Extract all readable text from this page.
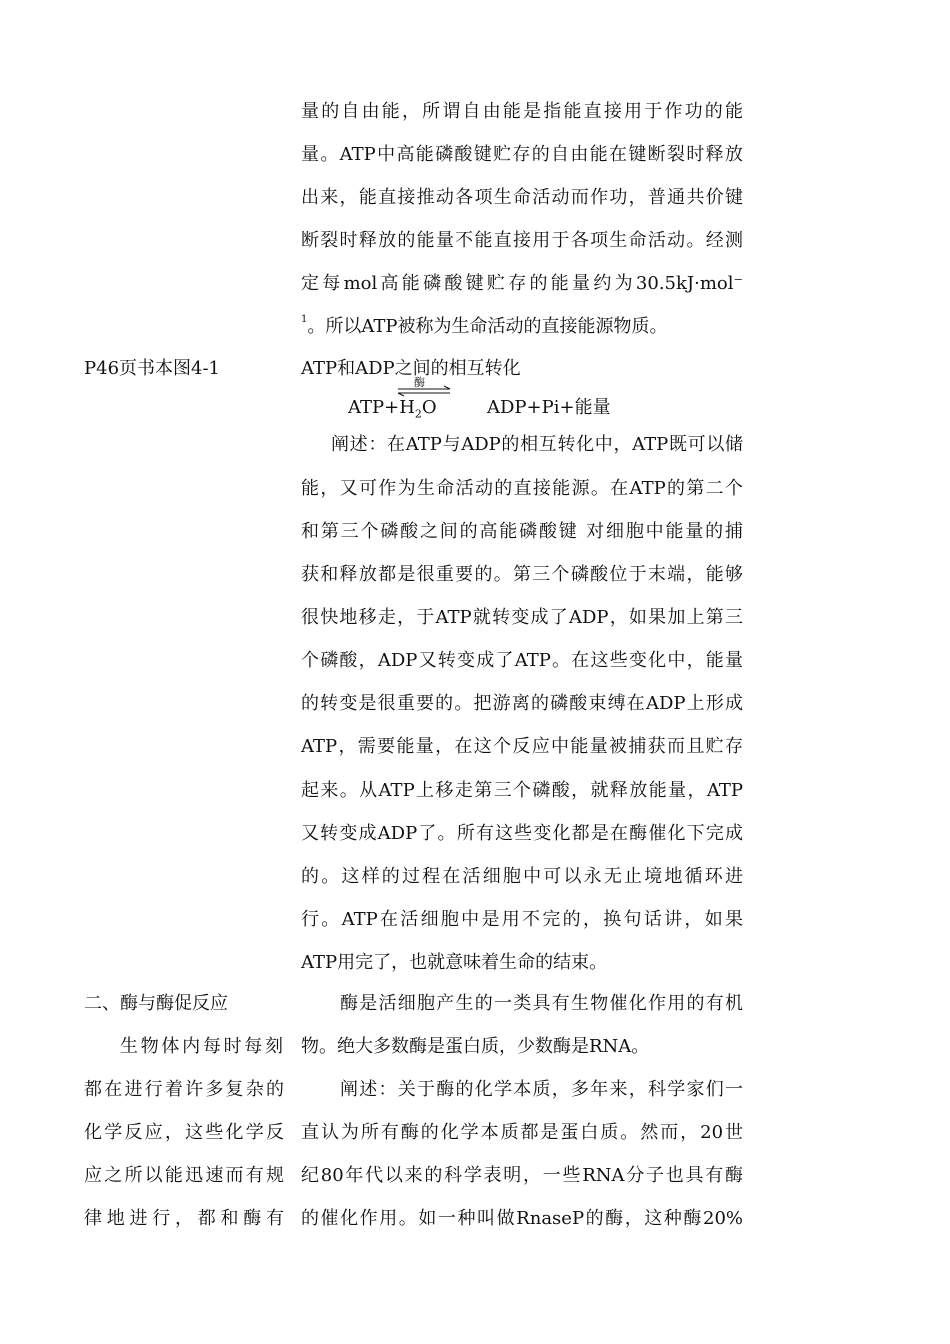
量的自由能，所谓自由能是指能直接用于作功的能
量。ATP中高能磷酸键贮存的自由能在键断裂时释放
出来，能直接推动各项生命活动而作功，普通共价键
断裂时释放的能量不能直接用于各项生命活动。经测
定每mol高能磷酸键贮存的能量约为30.5kJ·mol⁻
$^1$。所以ATP被称为生命活动的直接能源物质。
P46页书本图4-1	ATP和ADP之间的相互转化
$ATP+H_2O$
酶
ADP+Pi+能量
阐述：在ATP与ADP的相互转化中，ATP既可以储
能，又可作为生命活动的直接能源。在ATP的第二个
和第三个磷酸之间的高能磷酸键 对细胞中能量的捕
获和释放都是很重要的。第三个磷酸位于末端，能够
很快地移走，于ATP就转变成了ADP，如果加上第三
个磷酸，ADP又转变成了ATP。在这些变化中，能量
的转变是很重要的。把游离的磷酸束缚在ADP上形成
ATP，需要能量，在这个反应中能量被捕获而且贮存
起来。从ATP上移走第三个磷酸，就释放能量，ATP
又转变成ADP了。所有这些变化都是在酶催化下完成
的。这样的过程在活细胞中可以永无止境地循环进
行。ATP在活细胞中是用不完的，换句话讲，如果
ATP用完了，也就意味着生命的结束。
二、酶与酶促反应
生物体内每时每刻
都在进行着许多复杂的
化学反应，这些化学反
应之所以能迅速而有规
律地进行，都和酶有
酶是活细胞产生的一类具有生物催化作用的有机
物。绝大多数酶是蛋白质，少数酶是RNA。
阐述：关于酶的化学本质，多年来，科学家们一
直认为所有酶的化学本质都是蛋白质。然而，20世
纪80年代以来的科学表明，一些RNA分子也具有酶
的催化作用。如一种叫做RnaseP的酶，这种酶20%
